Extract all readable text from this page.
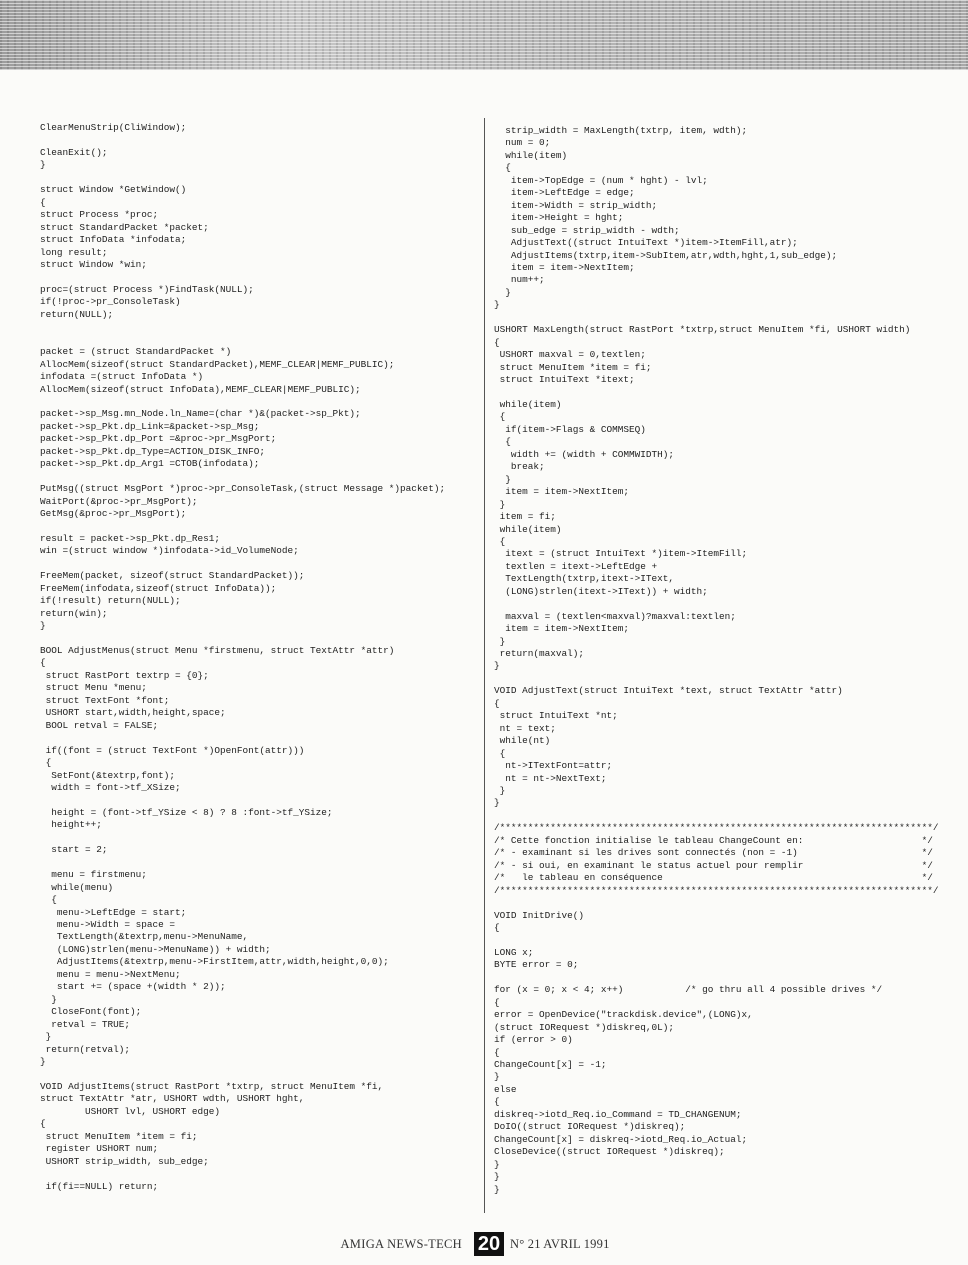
ClearMenuStrip(CliWindow);

CleanExit();
}

struct Window *GetWindow()
{
struct Process *proc;
struct StandardPacket *packet;
struct InfoData *infodata;
long result;
struct Window *win;

proc=(struct Process *)FindTask(NULL);
if(!proc->pr_ConsoleTask)
return(NULL);

packet = (struct StandardPacket *)
AllocMem(sizeof(struct StandardPacket),MEMF_CLEAR|MEMF_PUBLIC);
infodata =(struct InfoData *)
AllocMem(sizeof(struct InfoData),MEMF_CLEAR|MEMF_PUBLIC);

packet->sp_Msg.mn_Node.ln_Name=(char *)&(packet->sp_Pkt);
packet->sp_Pkt.dp_Link=&packet->sp_Msg;
packet->sp_Pkt.dp_Port =&proc->pr_MsgPort;
packet->sp_Pkt.dp_Type=ACTION_DISK_INFO;
packet->sp_Pkt.dp_Arg1 =CTOB(infodata);

PutMsg((struct MsgPort *)proc->pr_ConsoleTask,(struct Message *)packet);
WaitPort(&proc->pr_MsgPort);
GetMsg(&proc->pr_MsgPort);

result = packet->sp_Pkt.dp_Res1;
win =(struct window *)infodata->id_VolumeNode;

FreeMem(packet, sizeof(struct StandardPacket));
FreeMem(infodata,sizeof(struct InfoData));
if(!result) return(NULL);
return(win);
}

BOOL AdjustMenus(struct Menu *firstmenu, struct TextAttr *attr)
{
struct RastPort textrp = {0};
struct Menu *menu;
struct TextFont *font;
USHORT start,width,height,space;
BOOL retval = FALSE;

if((font = (struct TextFont *)OpenFont(attr)))
{
SetFont(&textrp,font);
width = font->tf_XSize;

height = (font->tf_YSize < 8) ? 8 :font->tf_YSize;
height++;

start = 2;

menu = firstmenu;
while(menu)
{
menu->LeftEdge = start;
menu->Width = space =
TextLength(&textrp,menu->MenuName,
(LONG)strlen(menu->MenuName)) + width;
AdjustItems(&textrp,menu->FirstItem,attr,width,height,0,0);
menu = menu->NextMenu;
start += (space +(width * 2));
}
CloseFont(font);
retval = TRUE;
}
return(retval);
}

VOID AdjustItems(struct RastPort *txtrp, struct MenuItem *fi,
struct TextAttr *atr, USHORT wdth, USHORT hght,
USHORT lvl, USHORT edge)
{
struct MenuItem *item = fi;
register USHORT num;
USHORT strip_width, sub_edge;

if(fi==NULL) return;
strip_width = MaxLength(txtrp, item, wdth);
num = 0;
while(item)
{
item->TopEdge = (num * hght) - lvl;
item->LeftEdge = edge;
item->Width = strip_width;
item->Height = hght;
sub_edge = strip_width - wdth;
AdjustText((struct IntuiText *)item->ItemFill,atr);
AdjustItems(txtrp,item->SubItem,atr,wdth,hght,1,sub_edge);
item = item->NextItem;
num++;
}
}

USHORT MaxLength(struct RastPort *txtrp,struct MenuItem *fi, USHORT width)
{
USHORT maxval = 0,textlen;
struct MenuItem *item = fi;
struct IntuiText *itext;

while(item)
{
if(item->Flags & COMMSEQ)
{
width += (width + COMMWIDTH);
break;
}
item = item->NextItem;
}
item = fi;
while(item)
{
itext = (struct IntuiText *)item->ItemFill;
textlen = itext->LeftEdge +
TextLength(txtrp,itext->IText,
(LONG)strlen(itext->IText)) + width;

maxval = (textlen<maxval)?maxval:textlen;
item = item->NextItem;
}
return(maxval);
}

VOID AdjustText(struct IntuiText *text, struct TextAttr *attr)
{
struct IntuiText *nt;
nt = text;
while(nt)
{
nt->ITextFont=attr;
nt = nt->NextText;
}
}

/*****************************************************************************/
/* Cette fonction initialise le tableau ChangeCount en:                     */
/* - examinant si les drives sont connectés (non = -1)                      */
/* - si oui, en examinant le status actuel pour remplir                     */
/*   le tableau en conséquence                                              */
/*****************************************************************************/

VOID InitDrive()
{

LONG x;
BYTE error = 0;

for (x = 0; x < 4; x++)           /* go thru all 4 possible drives */
{
error = OpenDevice("trackdisk.device",(LONG)x,
(struct IORequest *)diskreq,0L);
if (error > 0)
{
ChangeCount[x] = -1;
}
else
{
diskreq->iotd_Req.io_Command = TD_CHANGENUM;
DoIO((struct IORequest *)diskreq);
ChangeCount[x] = diskreq->iotd_Req.io_Actual;
CloseDevice((struct IORequest *)diskreq);
}
}
}
AMIGA NEWS-TECH 20 N° 21 AVRIL 1991
